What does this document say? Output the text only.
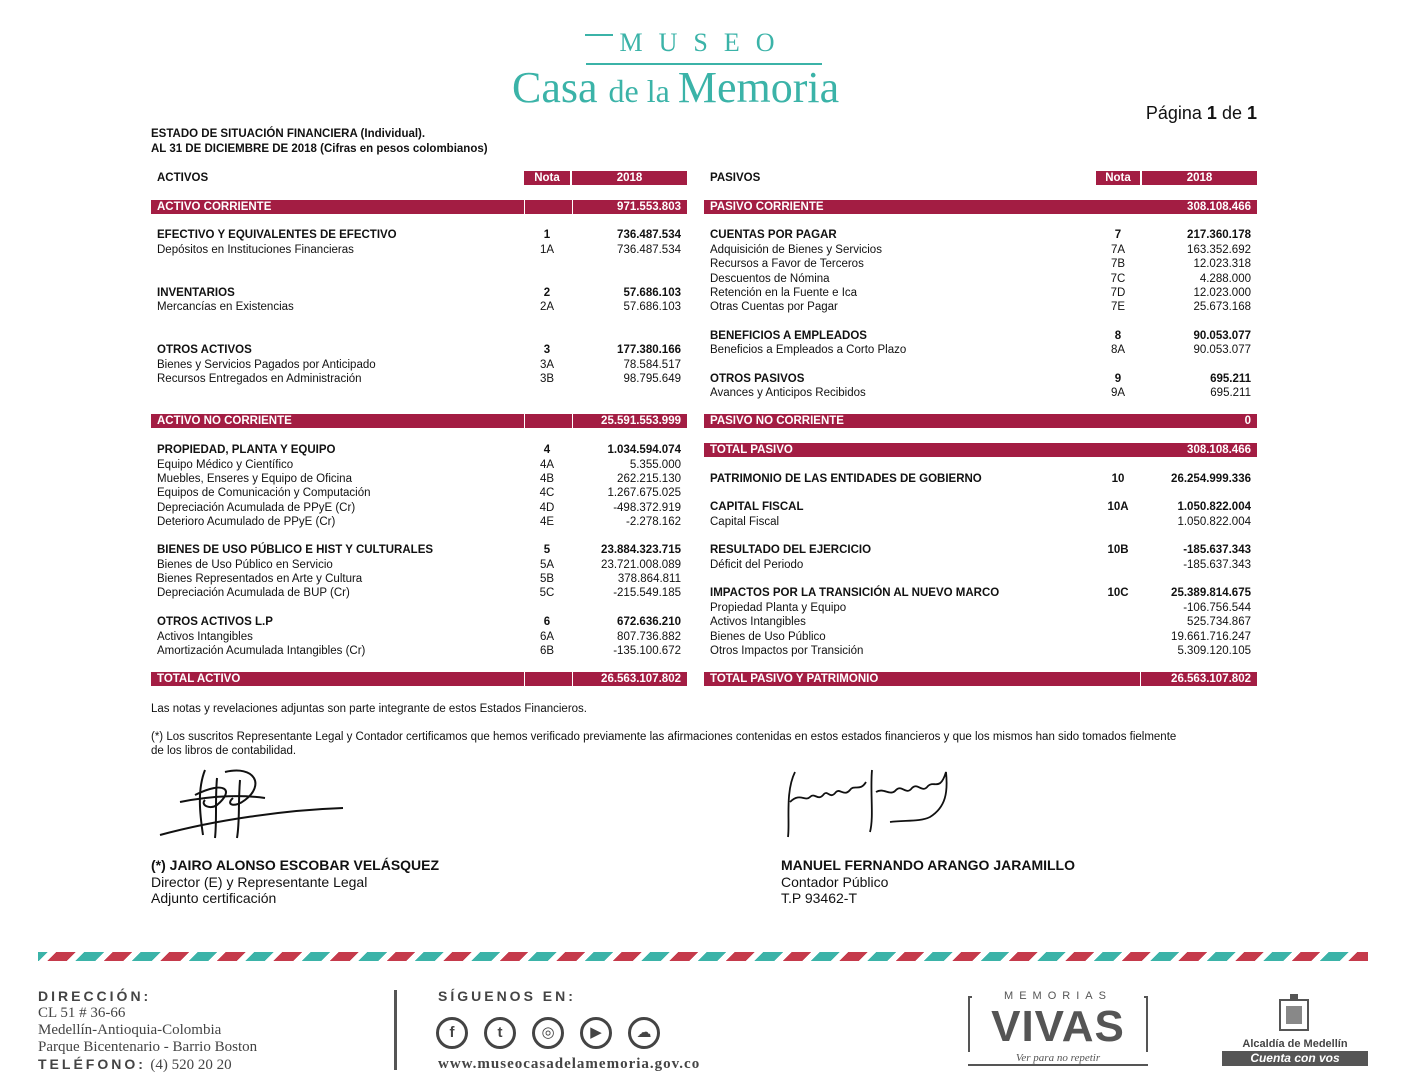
MUSEO
Casa de la Memoria
Página 1 de 1
ESTADO DE SITUACIÓN FINANCIERA (Individual).
AL 31 DE DICIEMBRE DE 2018 (Cifras en pesos colombianos)
ACTIVOS	Nota	2018	PASIVOS	Nota	2018
ACTIVO CORRIENTE	971.553.803	PASIVO CORRIENTE	308.108.466
EFECTIVO Y EQUIVALENTES DE EFECTIVO	1	736.487.534
Depósitos en Instituciones Financieras	1A	736.487.534
INVENTARIOS	2	57.686.103
Mercancías en Existencias	2A	57.686.103
OTROS ACTIVOS	3	177.380.166
Bienes y Servicios Pagados por Anticipado	3A	78.584.517
Recursos Entregados en Administración	3B	98.795.649
CUENTAS POR PAGAR	7	217.360.178
Adquisición de Bienes y Servicios	7A	163.352.692
Recursos a Favor de Terceros	7B	12.023.318
Descuentos de Nómina	7C	4.288.000
Retención en la Fuente e Ica	7D	12.023.000
Otras Cuentas por Pagar	7E	25.673.168
BENEFICIOS A EMPLEADOS	8	90.053.077
Beneficios a Empleados a Corto Plazo	8A	90.053.077
OTROS PASIVOS	9	695.211
Avances y Anticipos Recibidos	9A	695.211
ACTIVO NO CORRIENTE	25.591.553.999	PASIVO NO CORRIENTE	0
TOTAL PASIVO	308.108.466
PROPIEDAD, PLANTA Y EQUIPO	4	1.034.594.074
Equipo Médico y Científico	4A	5.355.000
Muebles, Enseres y Equipo de Oficina	4B	262.215.130
Equipos de Comunicación y Computación	4C	1.267.675.025
Depreciación Acumulada de PPyE (Cr)	4D	-498.372.919
Deterioro Acumulado de PPyE (Cr)	4E	-2.278.162
BIENES DE USO PÚBLICO E HIST Y CULTURALES	5	23.884.323.715
Bienes de Uso Público en Servicio	5A	23.721.008.089
Bienes Representados en Arte y Cultura	5B	378.864.811
Depreciación Acumulada de BUP (Cr)	5C	-215.549.185
OTROS ACTIVOS L.P	6	672.636.210
Activos Intangibles	6A	807.736.882
Amortización Acumulada Intangibles (Cr)	6B	-135.100.672
PATRIMONIO DE LAS ENTIDADES DE GOBIERNO	10	26.254.999.336
CAPITAL FISCAL	10A	1.050.822.004
Capital Fiscal	1.050.822.004
RESULTADO DEL EJERCICIO	10B	-185.637.343
Déficit del Periodo	-185.637.343
IMPACTOS POR LA TRANSICIÓN AL NUEVO MARCO	10C	25.389.814.675
Propiedad Planta y Equipo	-106.756.544
Activos Intangibles	525.734.867
Bienes de Uso Público	19.661.716.247
Otros Impactos por Transición	5.309.120.105
TOTAL ACTIVO	26.563.107.802	TOTAL PASIVO Y PATRIMONIO	26.563.107.802
Las notas y revelaciones adjuntas son parte integrante de estos Estados Financieros.
(*) Los suscritos Representante Legal y Contador certificamos que hemos verificado previamente las afirmaciones contenidas en estos estados financieros y que los mismos han sido tomados fielmente
de los libros de contabilidad.
(*) JAIRO ALONSO ESCOBAR VELÁSQUEZ
Director (E) y Representante Legal
Adjunto certificación
MANUEL FERNANDO ARANGO JARAMILLO
Contador Público
T.P 93462-T
DIRECCIÓN:
CL 51 # 36-66
Medellín-Antioquia-Colombia
Parque Bicentenario - Barrio Boston
TELÉFONO: (4) 520 20 20
SÍGUENOS EN:
f	t	◎	▶	☁
www.museocasadelamemoria.gov.co
MEMORIAS
VIVAS
Ver para no repetir
Alcaldía de Medellín
Cuenta con vos
